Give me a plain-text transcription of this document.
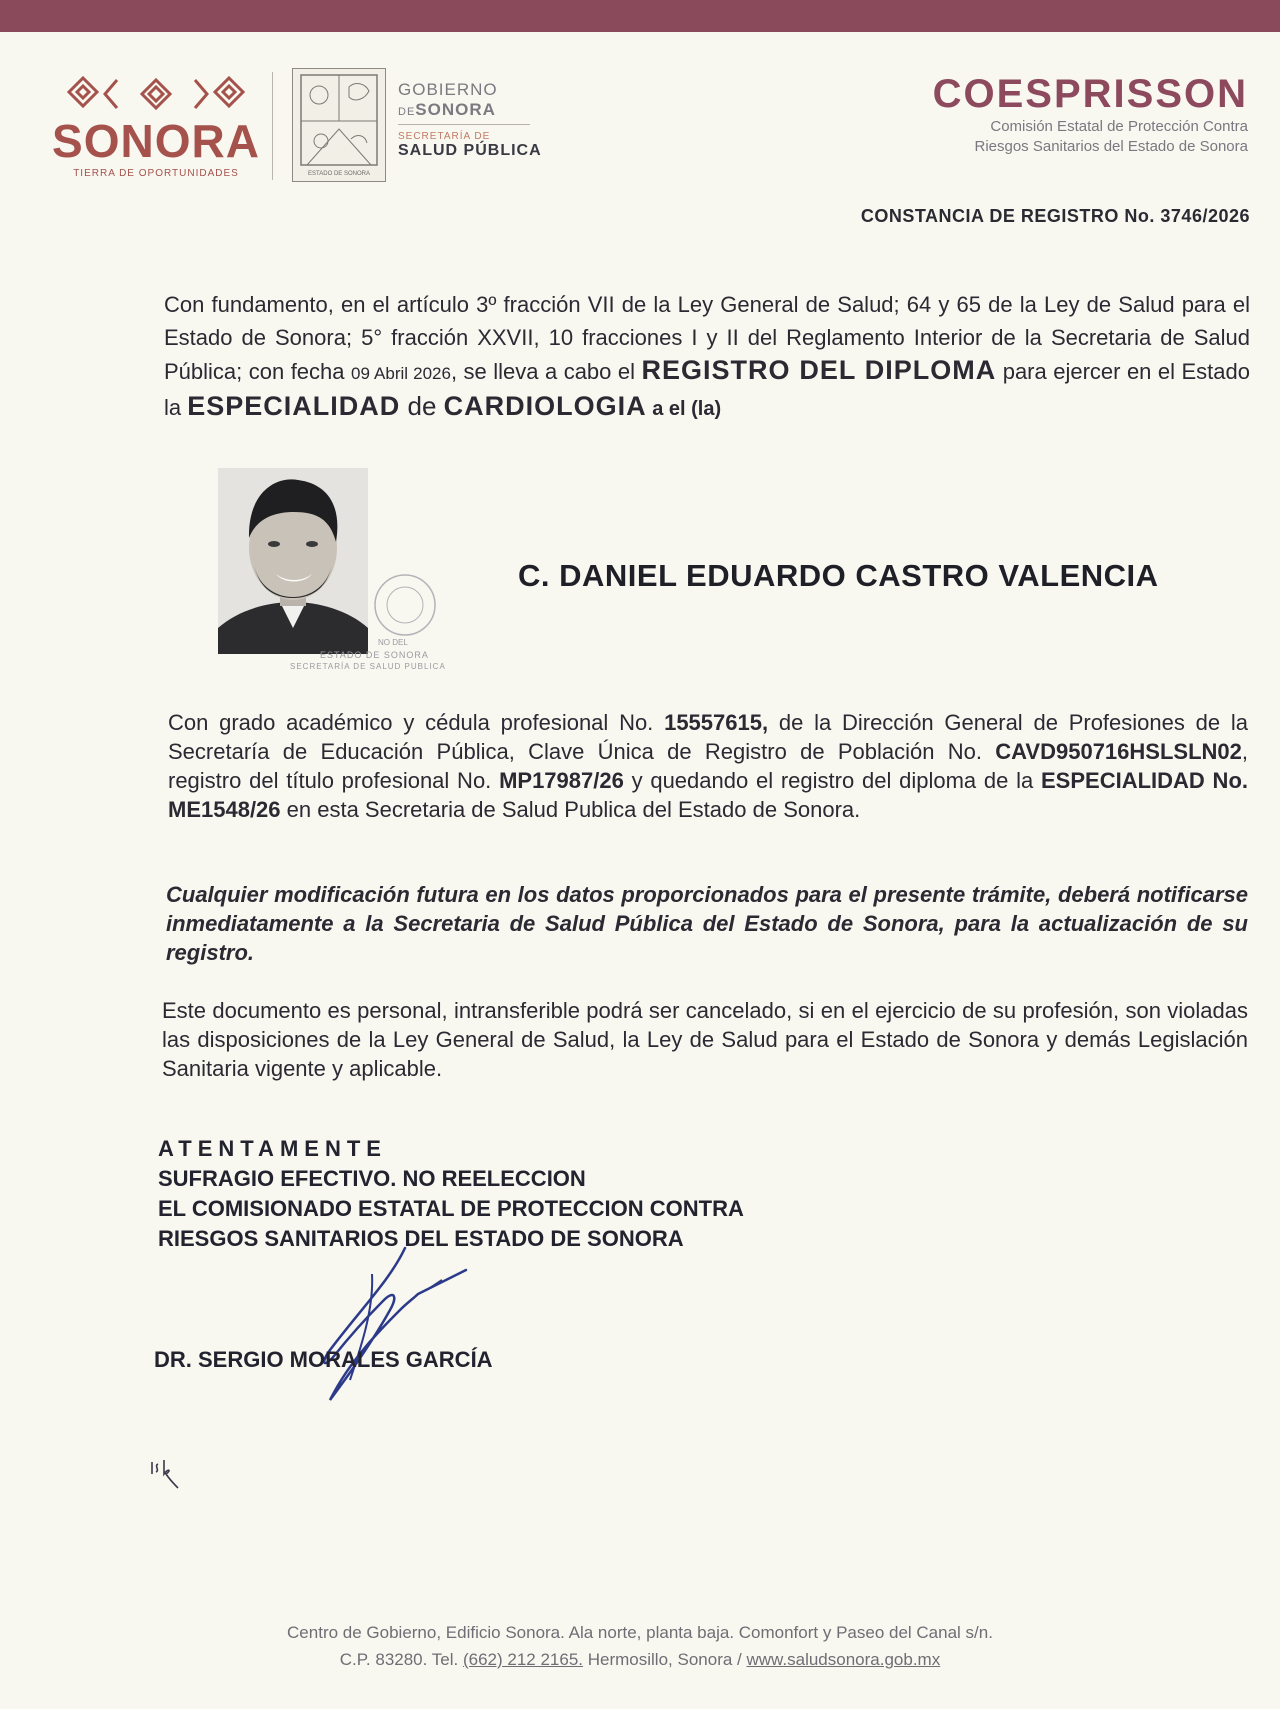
SONORA
TIERRA DE OPORTUNIDADES	ESTADO DE SONORA
GOBIERNO
DESONORA
SECRETARÍA DE
SALUD PÚBLICA
COESPRISSON
Comisión Estatal de Protección Contra
Riesgos Sanitarios del Estado de Sonora
CONSTANCIA DE REGISTRO No. 3746/2026
Con fundamento, en el artículo 3º fracción VII de la Ley General de Salud; 64 y 65 de la Ley de Salud para el Estado de Sonora; 5° fracción XXVII, 10 fracciones I y II del Reglamento Interior de la Secretaria de Salud Pública; con fecha 09 Abril 2026, se lleva a cabo el REGISTRO DEL DIPLOMA para ejercer en el Estado la ESPECIALIDAD de CARDIOLOGIA a el (la)
NO DEL
ESTADO DE SONORA
SECRETARÍA DE SALUD PUBLICA
C. DANIEL EDUARDO CASTRO VALENCIA
Con grado académico y cédula profesional No. 15557615, de la Dirección General de Profesiones de la Secretaría de Educación Pública, Clave Única de Registro de Población No. CAVD950716HSLSLN02, registro del título profesional No. MP17987/26 y quedando el registro del diploma de la ESPECIALIDAD No. ME1548/26 en esta Secretaria de Salud Publica del Estado de Sonora.
Cualquier modificación futura en los datos proporcionados para el presente trámite, deberá notificarse inmediatamente a la Secretaria de Salud Pública del Estado de Sonora, para la actualización de su registro.
Este documento es personal, intransferible podrá ser cancelado, si en el ejercicio de su profesión, son violadas las disposiciones de la Ley General de Salud, la Ley de Salud para el Estado de Sonora y demás Legislación Sanitaria vigente y aplicable.
ATENTAMENTE
SUFRAGIO EFECTIVO. NO REELECCION
EL COMISIONADO ESTATAL DE PROTECCION CONTRA
RIESGOS SANITARIOS DEL ESTADO DE SONORA
DR. SERGIO MORALES GARCÍA
Centro de Gobierno, Edificio Sonora. Ala norte, planta baja. Comonfort y Paseo del Canal s/n.
C.P. 83280. Tel. (662) 212 2165. Hermosillo, Sonora / www.saludsonora.gob.mx
